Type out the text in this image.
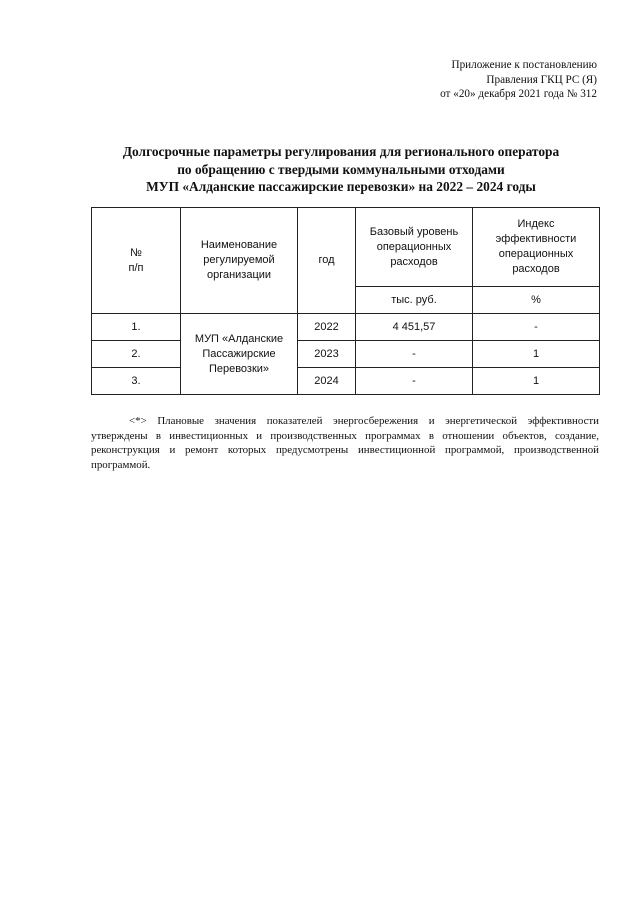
Приложение к постановлению
Правления ГКЦ РС (Я)
от «20» декабря 2021 года № 312
Долгосрочные параметры регулирования для регионального оператора
по обращению с твердыми коммунальными отходами
МУП «Алданские пассажирские перевозки» на 2022 – 2024 годы
№
п/п	Наименование
регулируемой
организации	год	Базовый уровень
операционных
расходов	Индекс
эффективности
операционных
расходов
			тыс. руб.	%
1.	МУП «Алданские
Пассажирские
Перевозки»	2022	4 451,57	-
2.		2023	-	1
3.		2024	-	1
<*> Плановые значения показателей энергосбережения и энергетической эффективности утверждены в инвестиционных и производственных программах в отношении объектов, создание, реконструкция и ремонт которых предусмотрены инвестиционной программой, производственной программой.
